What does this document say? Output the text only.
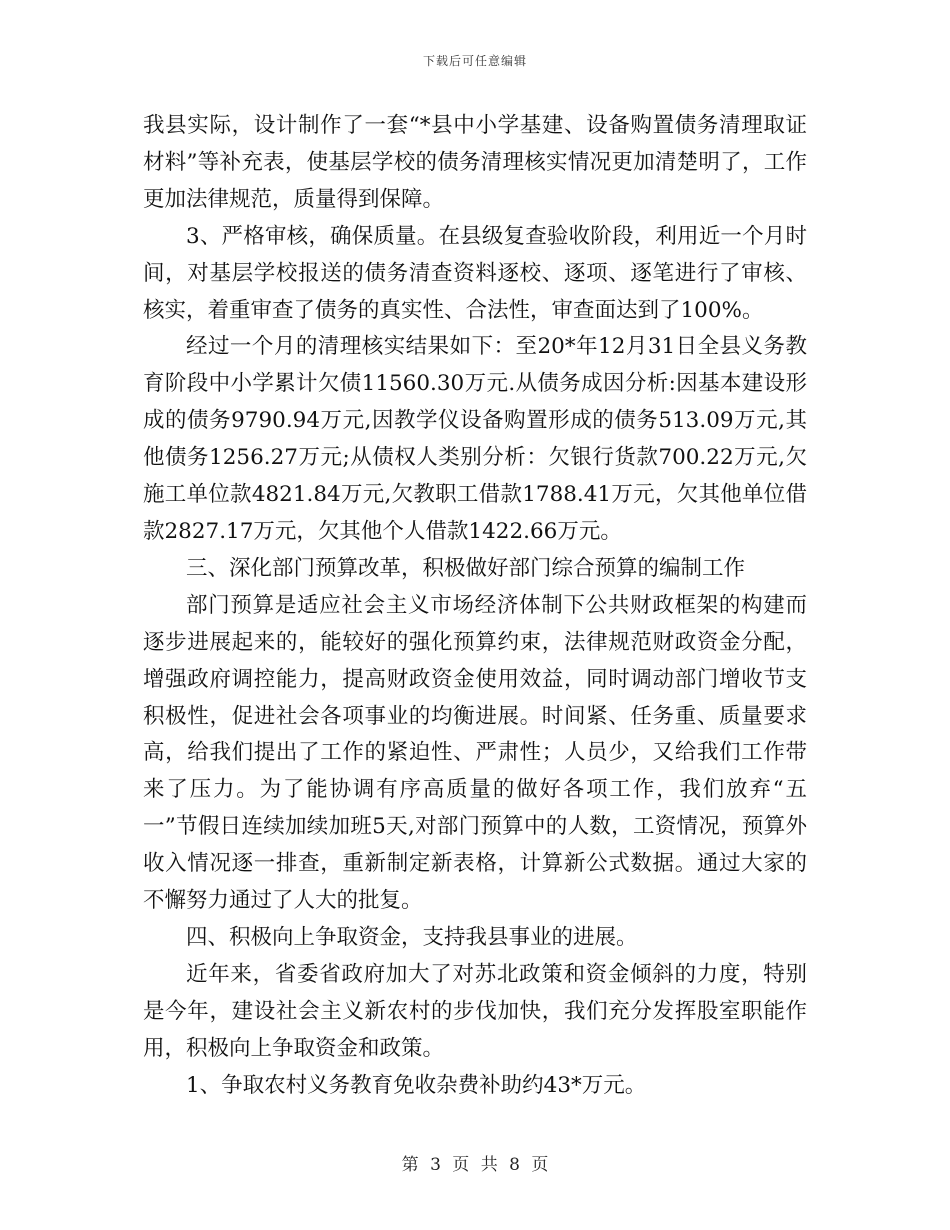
下载后可任意编辑

我县实际，设计制作了一套“*县中小学基建、设备购置债务清理取证材料”等补充表，使基层学校的债务清理核实情况更加清楚明了，工作更加法律规范，质量得到保障。

3、严格审核，确保质量。在县级复查验收阶段，利用近一个月时间，对基层学校报送的债务清查资料逐校、逐项、逐笔进行了审核、核实，着重审查了债务的真实性、合法性，审查面达到了100%。

经过一个月的清理核实结果如下：至20*年12月31日全县义务教育阶段中小学累计欠债11560.30万元.从债务成因分析:因基本建设形成的债务9790.94万元,因教学仪设备购置形成的债务513.09万元,其他债务1256.27万元;从债权人类别分析：欠银行货款700.22万元,欠施工单位款4821.84万元,欠教职工借款1788.41万元，欠其他单位借款2827.17万元，欠其他个人借款1422.66万元。

三、深化部门预算改革，积极做好部门综合预算的编制工作

部门预算是适应社会主义市场经济体制下公共财政框架的构建而逐步进展起来的，能较好的强化预算约束，法律规范财政资金分配，增强政府调控能力，提高财政资金使用效益，同时调动部门增收节支积极性，促进社会各项事业的均衡进展。时间紧、任务重、质量要求高，给我们提出了工作的紧迫性、严肃性；人员少，又给我们工作带来了压力。为了能协调有序高质量的做好各项工作，我们放弃“五一”节假日连续加续加班5天,对部门预算中的人数，工资情况，预算外收入情况逐一排查，重新制定新表格，计算新公式数据。通过大家的不懈努力通过了人大的批复。

四、积极向上争取资金，支持我县事业的进展。

近年来，省委省政府加大了对苏北政策和资金倾斜的力度，特别是今年，建设社会主义新农村的步伐加快，我们充分发挥股室职能作用，积极向上争取资金和政策。

1、争取农村义务教育免收杂费补助约43*万元。

第 3 页 共 8 页
